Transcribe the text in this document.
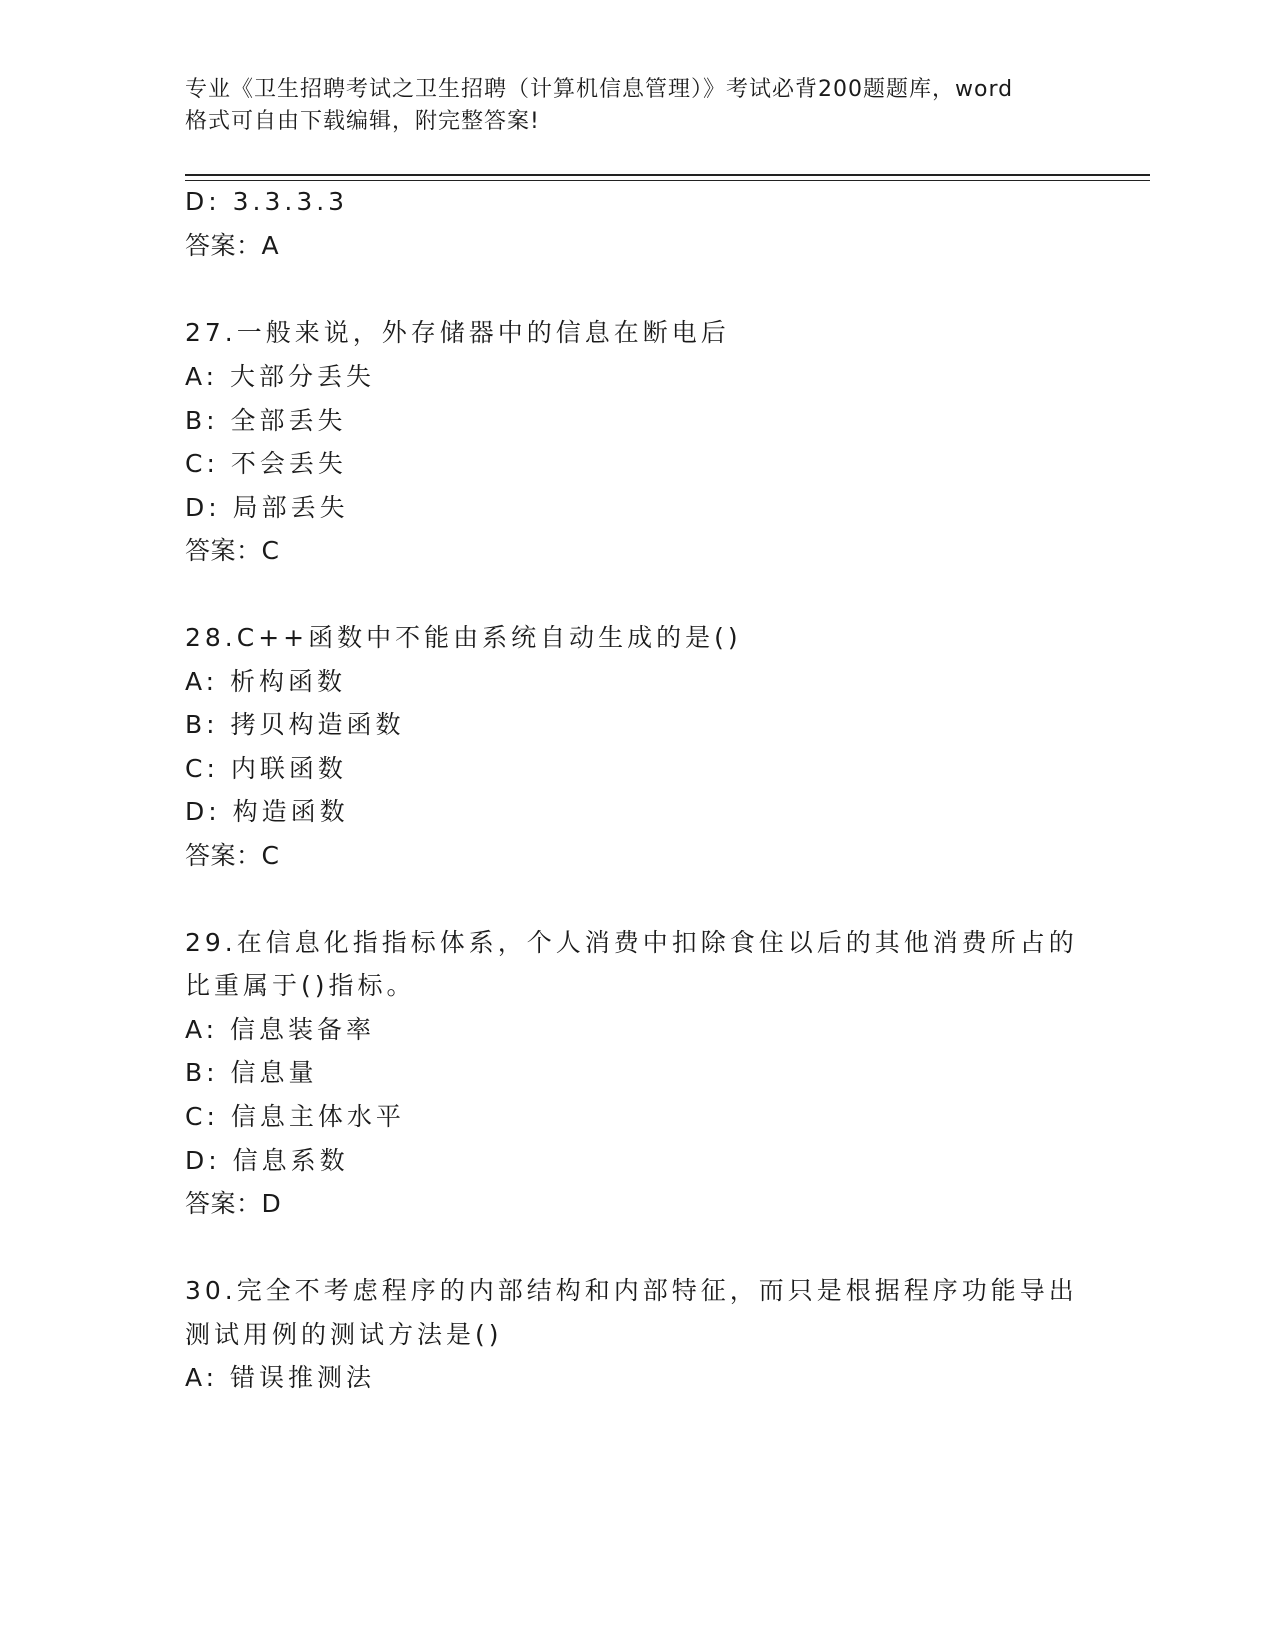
专业《卫生招聘考试之卫生招聘（计算机信息管理）》考试必背200题题库，word
格式可自由下载编辑，附完整答案!
D: 3.3.3.3
答案：A
27.一般来说，外存储器中的信息在断电后
A: 大部分丢失
B: 全部丢失
C: 不会丢失
D: 局部丢失
答案：C
28.C++函数中不能由系统自动生成的是()
A: 析构函数
B: 拷贝构造函数
C: 内联函数
D: 构造函数
答案：C
29.在信息化指指标体系，个人消费中扣除食住以后的其他消费所占的
比重属于()指标。
A: 信息装备率
B: 信息量
C: 信息主体水平
D: 信息系数
答案：D
30.完全不考虑程序的内部结构和内部特征，而只是根据程序功能导出
测试用例的测试方法是()
A: 错误推测法
